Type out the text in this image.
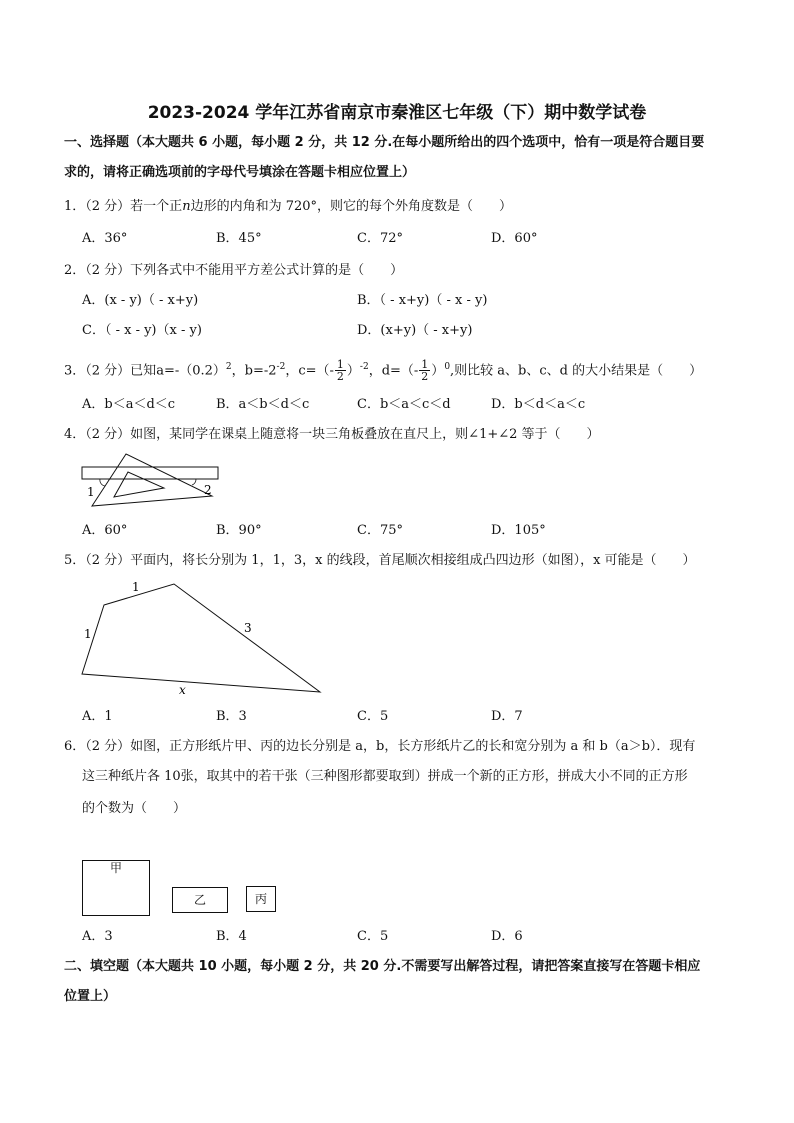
2023-2024 学年江苏省南京市秦淮区七年级（下）期中数学试卷
一、选择题（本大题共 6 小题，每小题 2 分，共 12 分.在每小题所给出的四个选项中，恰有一项是符合题目要
求的，请将正确选项前的字母代号填涂在答题卡相应位置上）
1．（2 分）若一个正n边形的内角和为 720°，则它的每个外角度数是（　　）
A．36°	B．45°	C．72°	D．60°
2．（2 分）下列各式中不能用平方差公式计算的是（　　）
A．(x - y)（ - x+y)	B．（ - x+y)（ - x - y)
C．（ - x - y)（x - y)	D．(x+y)（ - x+y)
3．（2 分）已知$a=-(0.2)^2$，$b=-2^{-2}$，$c=(- \frac{1}{2} )^{-2}$，$d=(- \frac{1}{2} )^0$,则比较 a、b、c、d 的大小结果是（　　）
A．b＜a＜d＜c	B．a＜b＜d＜c	C．b＜a＜c＜d	D．b＜d＜a＜c
4．（2 分）如图，某同学在课桌上随意将一块三角板叠放在直尺上，则∠1+∠2 等于（　　）
1	2
A．60°	B．90°	C．75°	D．105°
5．（2 分）平面内，将长分别为 1，1，3，x 的线段，首尾顺次相接组成凸四边形（如图），x 可能是（　　）
1
1	3
x
A．1	B．3	C．5	D．7
6．（2 分）如图，正方形纸片甲、丙的边长分别是 a，b，长方形纸片乙的长和宽分别为 a 和 b（a＞b）．现有
这三种纸片各 10张，取其中的若干张（三种图形都要取到）拼成一个新的正方形，拼成大小不同的正方形
的个数为（　　）
甲
乙	丙
A．3	B．4	C．5	D．6
二、填空题（本大题共 10 小题，每小题 2 分，共 20 分.不需要写出解答过程，请把答案直接写在答题卡相应
位置上）
